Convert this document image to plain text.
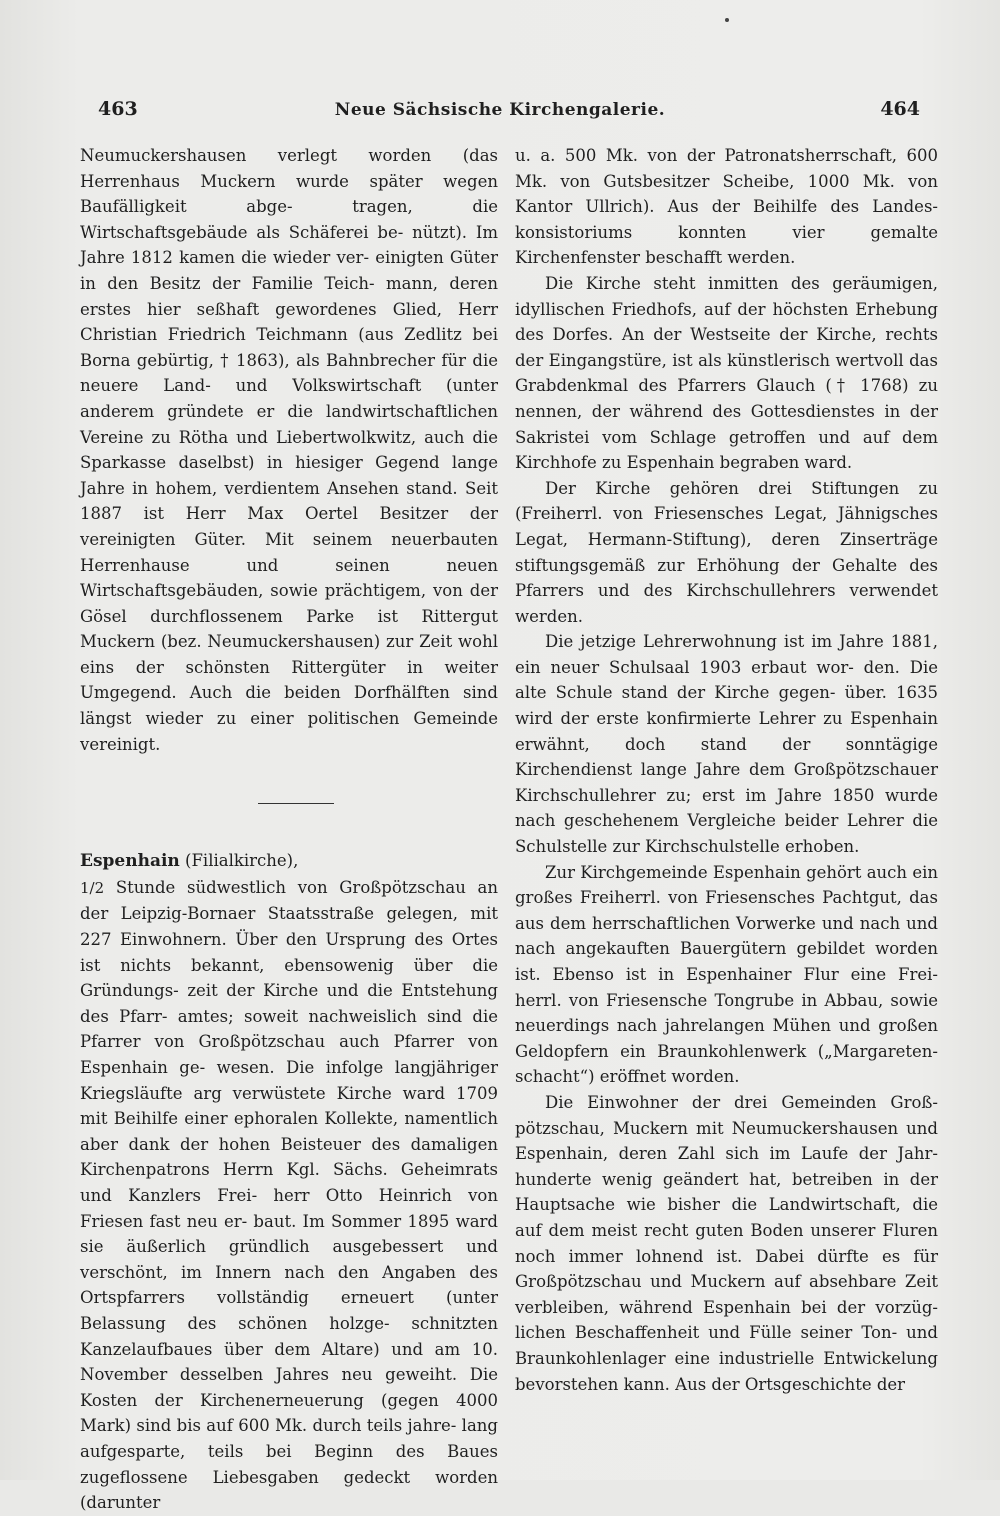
463	Neue Sächsische Kirchengalerie.	464

Neumuckershausen verlegt worden (das Herrenhaus Muckern wurde später wegen Baufälligkeit abge- tragen, die Wirtschaftsgebäude als Schäferei be- nützt). Im Jahre 1812 kamen die wieder ver- einigten Güter in den Besitz der Familie Teich- mann, deren erstes hier seßhaft gewordenes Glied, Herr Christian Friedrich Teichmann (aus Zedlitz bei Borna gebürtig, † 1863), als Bahnbrecher für die neuere Land- und Volkswirtschaft (unter anderem gründete er die landwirtschaftlichen Vereine zu Rötha und Liebertwolkwitz, auch die Sparkasse daselbst) in hiesiger Gegend lange Jahre in hohem, verdientem Ansehen stand. Seit 1887 ist Herr Max Oertel Besitzer der vereinigten Güter. Mit seinem neuerbauten Herrenhause und seinen neuen Wirtschaftsgebäuden, sowie prächtigem, von der Gösel durchflossenem Parke ist Rittergut Muckern (bez. Neumuckershausen) zur Zeit wohl eins der schönsten Rittergüter in weiter Umgegend. Auch die beiden Dorfhälften sind längst wieder zu einer politischen Gemeinde vereinigt.

Espenhain (Filialkirche),

1/2 Stunde südwestlich von Großpötzschau an der Leipzig-Bornaer Staatsstraße gelegen, mit 227 Einwohnern. Über den Ursprung des Ortes ist nichts bekannt, ebensowenig über die Gründungs- zeit der Kirche und die Entstehung des Pfarr- amtes; soweit nachweislich sind die Pfarrer von Großpötzschau auch Pfarrer von Espenhain ge- wesen. Die infolge langjähriger Kriegsläufte arg verwüstete Kirche ward 1709 mit Beihilfe einer ephoralen Kollekte, namentlich aber dank der hohen Beisteuer des damaligen Kirchenpatrons Herrn Kgl. Sächs. Geheimrats und Kanzlers Frei- herr Otto Heinrich von Friesen fast neu er- baut. Im Sommer 1895 ward sie äußerlich gründlich ausgebessert und verschönt, im Innern nach den Angaben des Ortspfarrers vollständig erneuert (unter Belassung des schönen holzge- schnitzten Kanzelaufbaues über dem Altare) und am 10. November desselben Jahres neu geweiht. Die Kosten der Kirchenerneuerung (gegen 4000 Mark) sind bis auf 600 Mk. durch teils jahre- lang aufgesparte, teils bei Beginn des Baues zugeflossene Liebesgaben gedeckt worden (darunter

u. a. 500 Mk. von der Patronatsherrschaft, 600 Mk. von Gutsbesitzer Scheibe, 1000 Mk. von Kantor Ullrich). Aus der Beihilfe des Landes- konsistoriums konnten vier gemalte Kirchenfenster beschafft werden.

Die Kirche steht inmitten des geräumigen, idyllischen Friedhofs, auf der höchsten Erhebung des Dorfes. An der Westseite der Kirche, rechts der Eingangstüre, ist als künstlerisch wertvoll das Grabdenkmal des Pfarrers Glauch († 1768) zu nennen, der während des Gottesdienstes in der Sakristei vom Schlage getroffen und auf dem Kirchhofe zu Espenhain begraben ward.

Der Kirche gehören drei Stiftungen zu (Freiherrl. von Friesensches Legat, Jähnigsches Legat, Hermann-Stiftung), deren Zinserträge stiftungsgemäß zur Erhöhung der Gehalte des Pfarrers und des Kirchschullehrers verwendet werden.

Die jetzige Lehrerwohnung ist im Jahre 1881, ein neuer Schulsaal 1903 erbaut wor- den. Die alte Schule stand der Kirche gegen- über. 1635 wird der erste konfirmierte Lehrer zu Espenhain erwähnt, doch stand der sonntägige Kirchendienst lange Jahre dem Großpötzschauer Kirchschullehrer zu; erst im Jahre 1850 wurde nach geschehenem Vergleiche beider Lehrer die Schulstelle zur Kirchschulstelle erhoben.

Zur Kirchgemeinde Espenhain gehört auch ein großes Freiherrl. von Friesensches Pachtgut, das aus dem herrschaftlichen Vorwerke und nach und nach angekauften Bauergütern gebildet worden ist. Ebenso ist in Espenhainer Flur eine Frei- herrl. von Friesensche Tongrube in Abbau, sowie neuerdings nach jahrelangen Mühen und großen Geldopfern ein Braunkohlenwerk („Margareten- schacht“) eröffnet worden.

Die Einwohner der drei Gemeinden Groß- pötzschau, Muckern mit Neumuckershausen und Espenhain, deren Zahl sich im Laufe der Jahr- hunderte wenig geändert hat, betreiben in der Hauptsache wie bisher die Landwirtschaft, die auf dem meist recht guten Boden unserer Fluren noch immer lohnend ist. Dabei dürfte es für Großpötzschau und Muckern auf absehbare Zeit verbleiben, während Espenhain bei der vorzüg- lichen Beschaffenheit und Fülle seiner Ton- und Braunkohlenlager eine industrielle Entwickelung bevorstehen kann. Aus der Ortsgeschichte der
